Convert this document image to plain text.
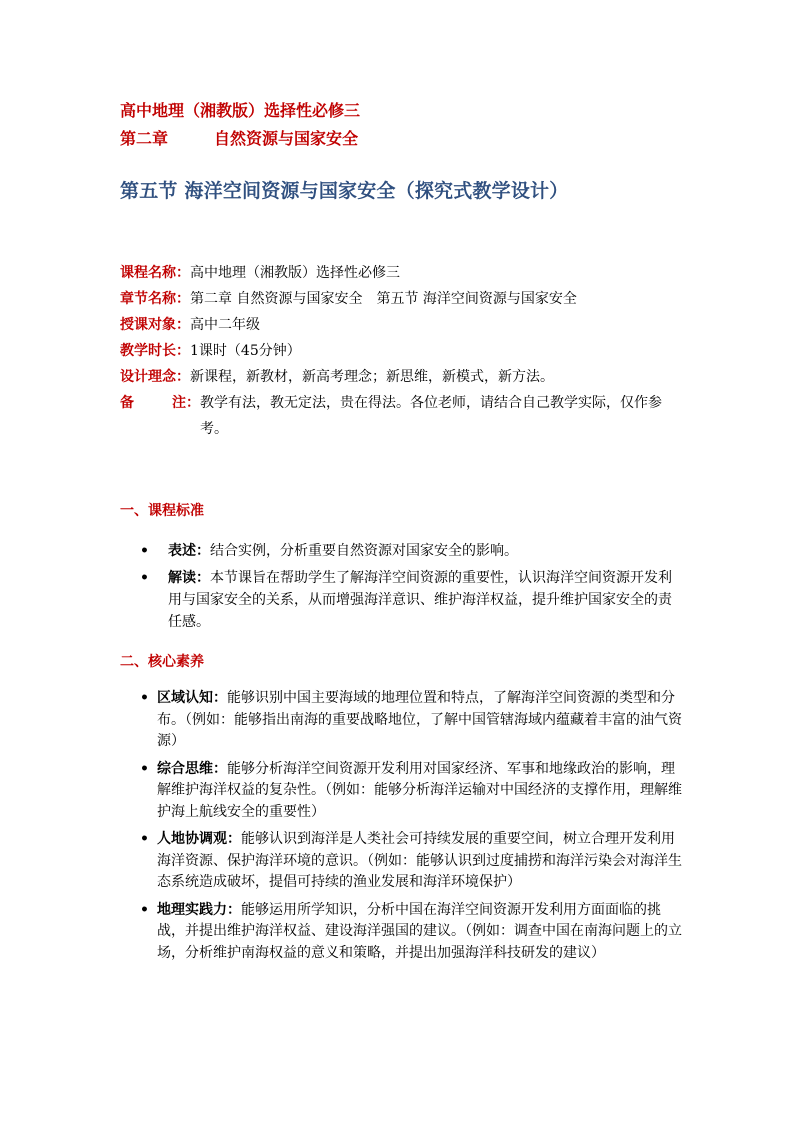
高中地理（湘教版）选择性必修三
第二章	自然资源与国家安全
第五节 海洋空间资源与国家安全（探究式教学设计）
课程名称： 高中地理（湘教版）选择性必修三
章节名称： 第二章 自然资源与国家安全　第五节 海洋空间资源与国家安全
授课对象： 高中二年级
教学时长： 1课时（45分钟）
设计理念： 新课程，新教材，新高考理念；新思维，新模式，新方法。
备	注： 教学有法，教无定法，贵在得法。各位老师，请结合自己教学实际，仅作参考。
一、课程标准
• 表述：结合实例，分析重要自然资源对国家安全的影响。
• 解读：本节课旨在帮助学生了解海洋空间资源的重要性，认识海洋空间资源开发利用与国家安全的关系，从而增强海洋意识、维护海洋权益，提升维护国家安全的责任感。
二、核心素养
• 区域认知：能够识别中国主要海域的地理位置和特点，了解海洋空间资源的类型和分布。（例如：能够指出南海的重要战略地位，了解中国管辖海域内蕴藏着丰富的油气资源）
• 综合思维：能够分析海洋空间资源开发利用对国家经济、军事和地缘政治的影响，理解维护海洋权益的复杂性。（例如：能够分析海洋运输对中国经济的支撑作用，理解维护海上航线安全的重要性）
• 人地协调观：能够认识到海洋是人类社会可持续发展的重要空间，树立合理开发利用海洋资源、保护海洋环境的意识。（例如：能够认识到过度捕捞和海洋污染会对海洋生态系统造成破坏，提倡可持续的渔业发展和海洋环境保护）
• 地理实践力：能够运用所学知识，分析中国在海洋空间资源开发利用方面面临的挑战，并提出维护海洋权益、建设海洋强国的建议。（例如：调查中国在南海问题上的立场，分析维护南海权益的意义和策略，并提出加强海洋科技研发的建议）
